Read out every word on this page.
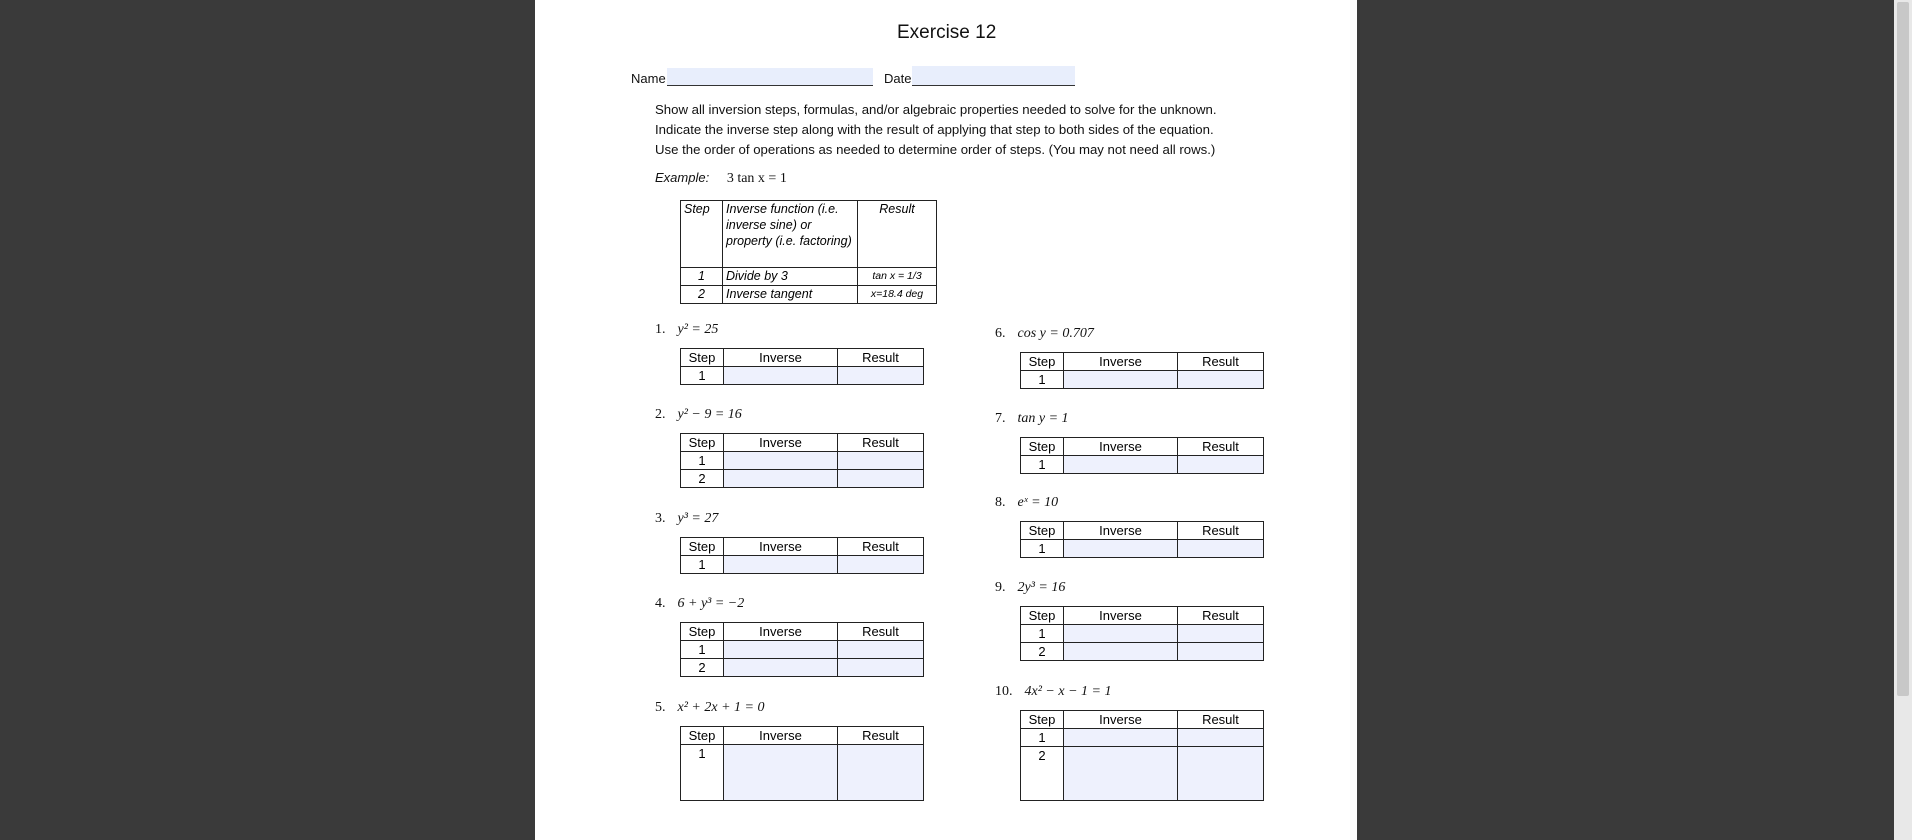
Exercise 12
Name	Date
Show all inversion steps, formulas, and/or algebraic properties needed to solve for the unknown.
Indicate the inverse step along with the result of applying that step to both sides of the equation.
Use the order of operations as needed to determine order of steps. (You may not need all rows.)
Example: 3 tan x = 1
Step	Inverse function (i.e. inverse sine) or property (i.e. factoring)	Result
1	Divide by 3	tan x = 1/3
2	Inverse tangent	x=18.4 deg
1. y² = 25
Step	Inverse	Result
1		
2. y² − 9 = 16
Step	Inverse	Result
1		
2		
3. y³ = 27
Step	Inverse	Result
1		
4. 6 + y³ = −2
Step	Inverse	Result
1		
2		
5. x² + 2x + 1 = 0
Step	Inverse	Result
1		
6. cos y = 0.707
Step	Inverse	Result
1		
7. tan y = 1
Step	Inverse	Result
1		
8. eˣ = 10
Step	Inverse	Result
1		
9. 2y³ = 16
Step	Inverse	Result
1		
2		
10. 4x² − x − 1 = 1
Step	Inverse	Result
1		
2		
